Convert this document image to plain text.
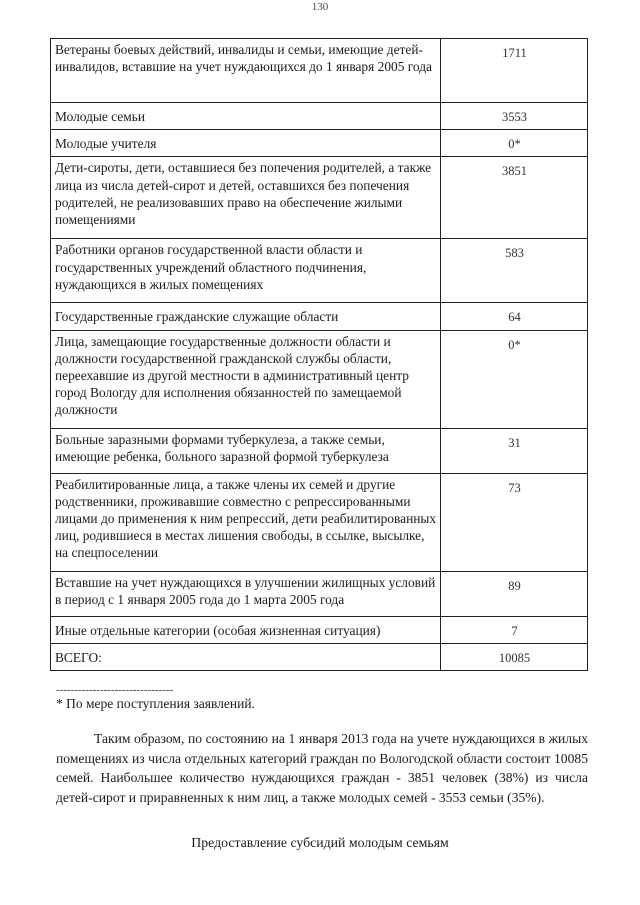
130
Ветераны боевых действий, инвалиды и семьи, имеющие детей-инвалидов, вставшие на учет нуждающихся до 1 января 2005 года	1711
Молодые семьи	3553
Молодые учителя	0*
Дети-сироты, дети, оставшиеся без попечения родителей, а также лица из числа детей-сирот и детей, оставшихся без попечения родителей, не реализовавших право на обеспечение жилыми помещениями	3851
Работники органов государственной власти области и государственных учреждений областного подчинения, нуждающихся в жилых помещениях	583
Государственные гражданские служащие области	64
Лица, замещающие государственные должности области и должности государственной гражданской службы области, переехавшие из другой местности в административный центр город Вологду для исполнения обязанностей по замещаемой должности	0*
Больные заразными формами туберкулеза, а также семьи, имеющие ребенка, больного заразной формой туберкулеза	31
Реабилитированные лица, а также члены их семей и другие родственники, проживавшие совместно с репрессированными лицами до применения к ним репрессий, дети реабилитированных лиц, родившиеся в местах лишения свободы, в ссылке, высылке, на спецпоселении	73
Вставшие на учет нуждающихся в улучшении жилищных условий в период с 1 января 2005 года до 1 марта 2005 года	89
Иные отдельные категории (особая жизненная ситуация)	7
ВСЕГО:	10085
--------------------------------
* По мере поступления заявлений.
Таким образом, по состоянию на 1 января 2013 года на учете нуждающихся в жилых помещениях из числа отдельных категорий граждан по Вологодской области состоит 10085 семей. Наибольшее количество нуждающихся граждан - 3851 человек (38%) из числа детей-сирот и приравненных к ним лиц, а также молодых семей - 3553 семьи (35%).
Предоставление субсидий молодым семьям
